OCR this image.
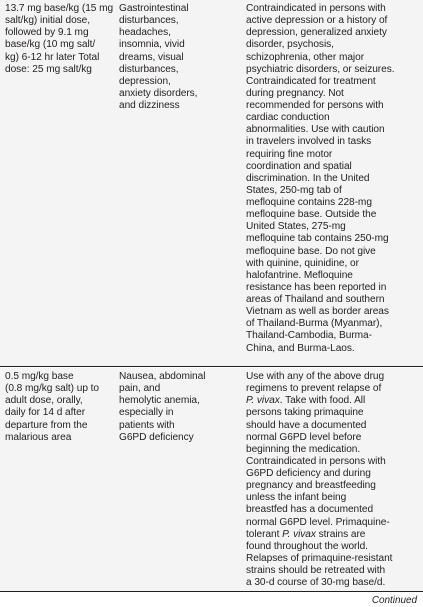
13.7 mg base/kg (15 mg
salt/kg) initial dose,
followed by 9.1 mg
base/kg (10 mg salt/
kg) 6-12 hr later Total
dose: 25 mg salt/kg
Gastrointestinal
disturbances,
headaches,
insomnia, vivid
dreams, visual
disturbances,
depression,
anxiety disorders,
and dizziness
Contraindicated in persons with
active depression or a history of
depression, generalized anxiety
disorder, psychosis,
schizophrenia, other major
psychiatric disorders, or seizures.
Contraindicated for treatment
during pregnancy. Not
recommended for persons with
cardiac conduction
abnormalities. Use with caution
in travelers involved in tasks
requiring fine motor
coordination and spatial
discrimination. In the United
States, 250-mg tab of
mefloquine contains 228-mg
mefloquine base. Outside the
United States, 275-mg
mefloquine tab contains 250-mg
mefloquine base. Do not give
with quinine, quinidine, or
halofantrine. Mefloquine
resistance has been reported in
areas of Thailand and southern
Vietnam as well as border areas
of Thailand-Burma (Myanmar),
Thailand-Cambodia, Burma-
China, and Burma-Laos.
0.5 mg/kg base
(0.8 mg/kg salt) up to
adult dose, orally,
daily for 14 d after
departure from the
malarious area
Nausea, abdominal
pain, and
hemolytic anemia,
especially in
patients with
G6PD deficiency
Use with any of the above drug
regimens to prevent relapse of
P. vivax. Take with food. All
persons taking primaquine
should have a documented
normal G6PD level before
beginning the medication.
Contraindicated in persons with
G6PD deficiency and during
pregnancy and breastfeeding
unless the infant being
breastfed has a documented
normal G6PD level. Primaquine-
tolerant P. vivax strains are
found throughout the world.
Relapses of primaquine-resistant
strains should be retreated with
a 30-d course of 30-mg base/d.
Continued
